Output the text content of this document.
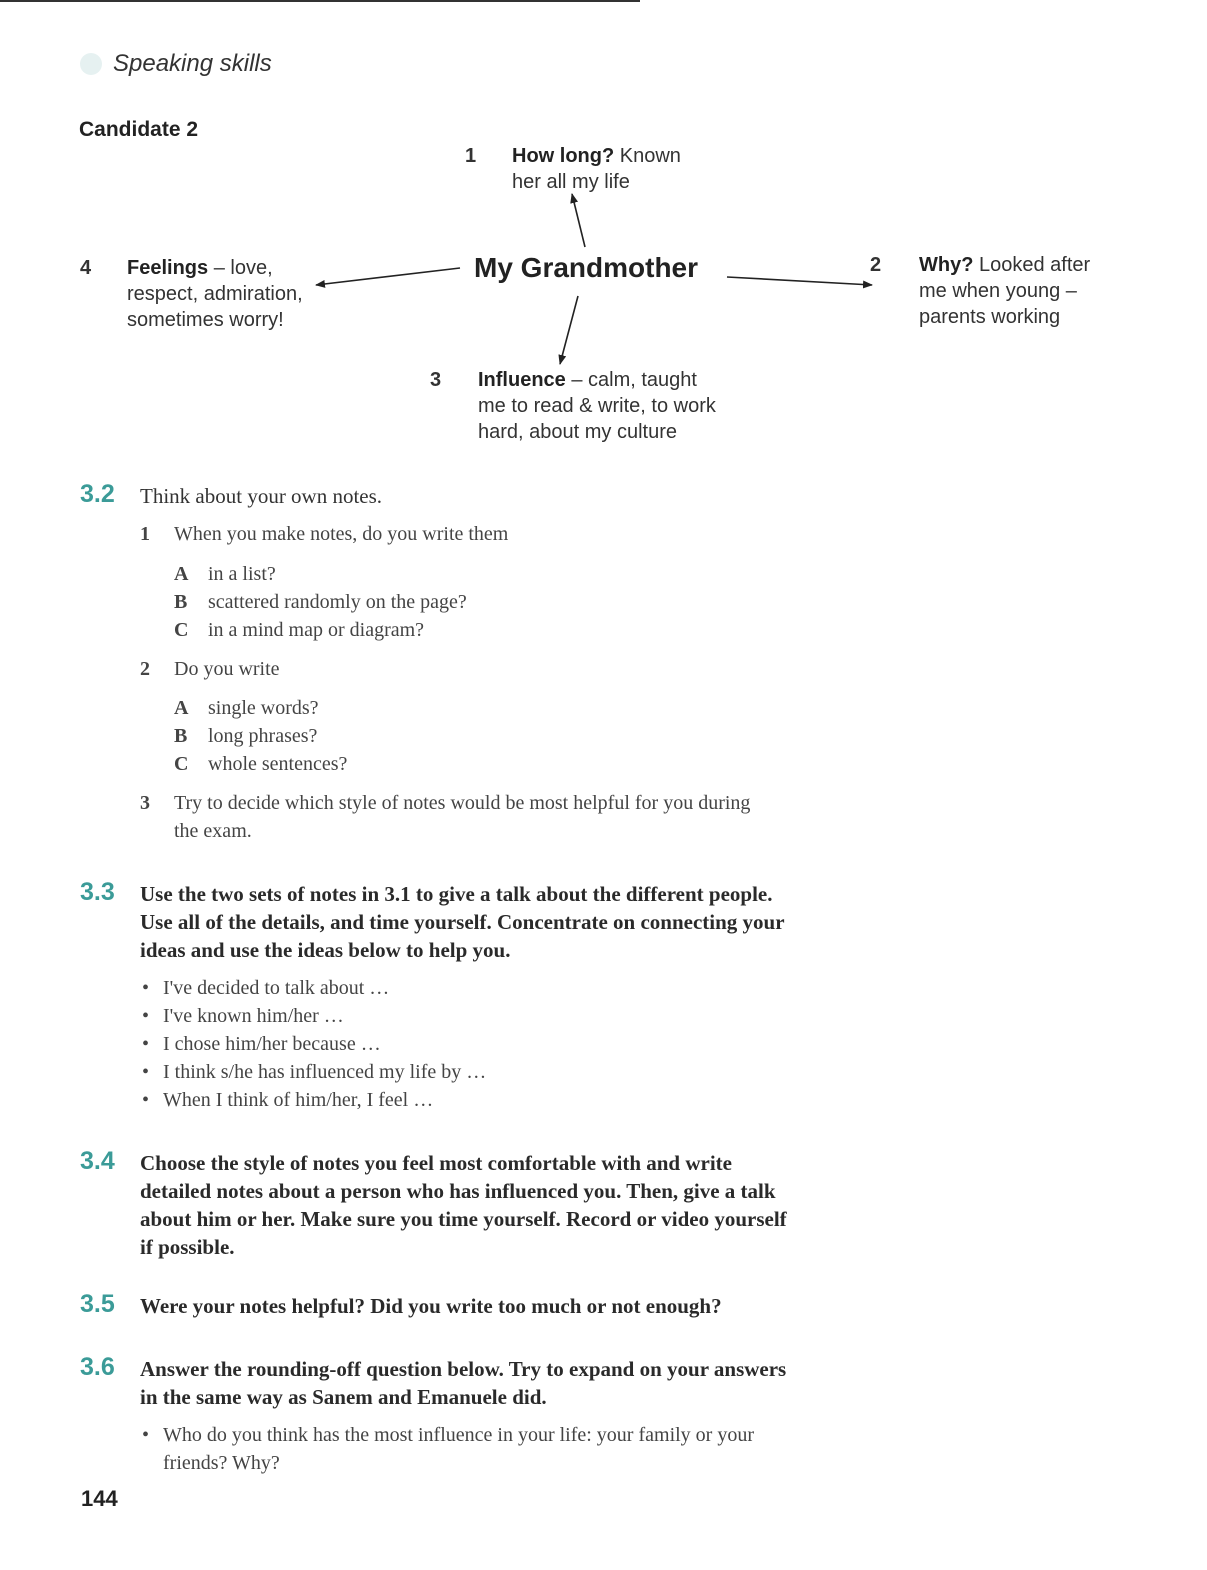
Speaking skills
Candidate 2
My Grandmother
1 How long? Known
her all my life
2 Why? Looked after
me when young –
parents working
3 Influence – calm, taught
me to read & write, to work
hard, about my culture
4 Feelings – love,
respect, admiration,
sometimes worry!
3.2 Think about your own notes.
1 When you make notes, do you write them
A in a list?
B scattered randomly on the page?
C in a mind map or diagram?
2 Do you write
A single words?
B long phrases?
C whole sentences?
3 Try to decide which style of notes would be most helpful for you during the exam.
3.3 Use the two sets of notes in 3.1 to give a talk about the different people. Use all of the details, and time yourself. Concentrate on connecting your ideas and use the ideas below to help you.
• I've decided to talk about …
• I've known him/her …
• I chose him/her because …
• I think s/he has influenced my life by …
• When I think of him/her, I feel …
3.4 Choose the style of notes you feel most comfortable with and write detailed notes about a person who has influenced you. Then, give a talk about him or her. Make sure you time yourself. Record or video yourself if possible.
3.5 Were your notes helpful? Did you write too much or not enough?
3.6 Answer the rounding-off question below. Try to expand on your answers in the same way as Sanem and Emanuele did.
• Who do you think has the most influence in your life: your family or your friends? Why?
144
